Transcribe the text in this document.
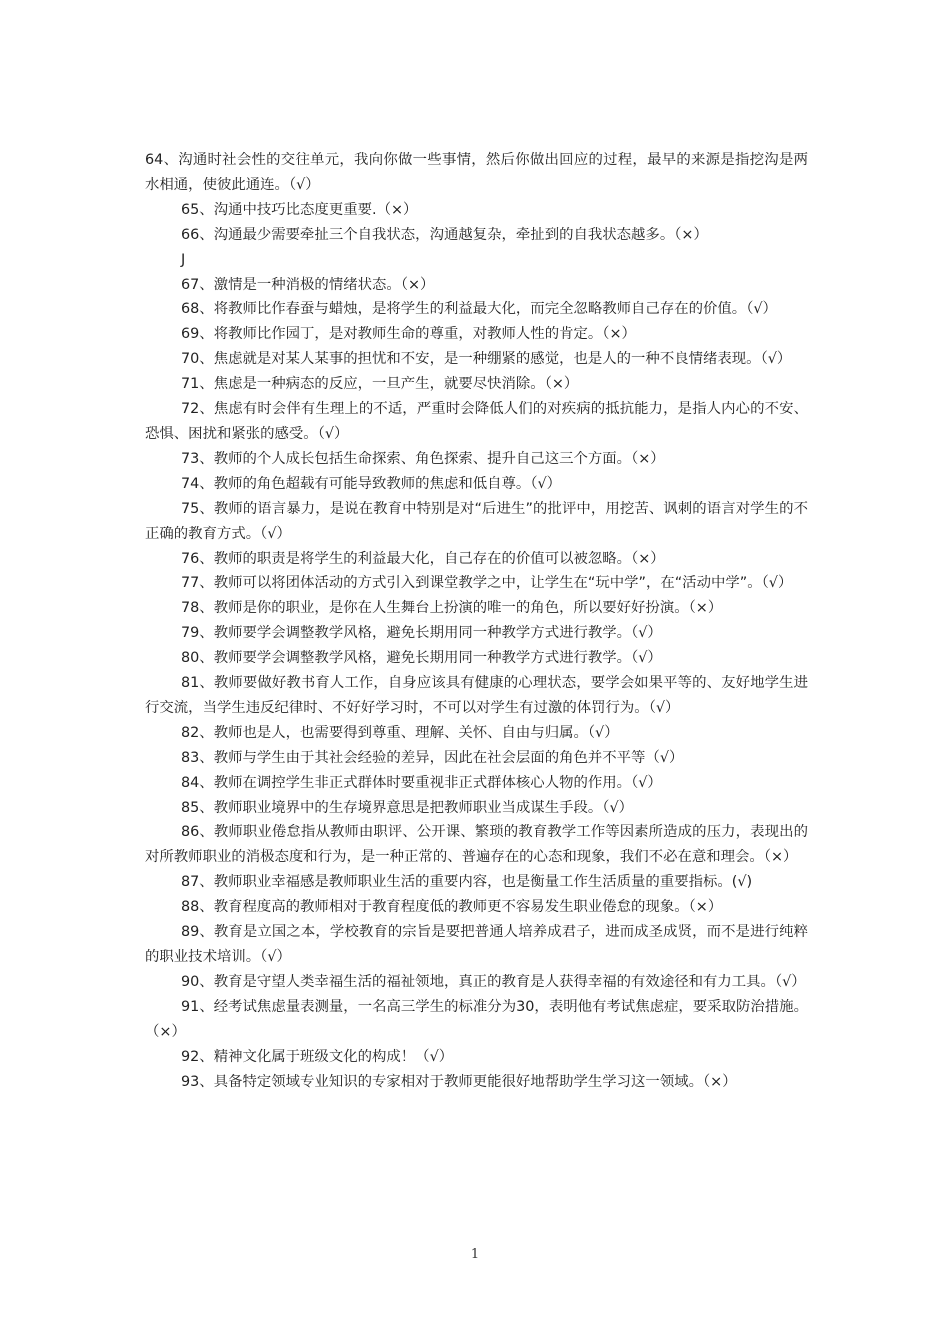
64、沟通时社会性的交往单元，我向你做一些事情，然后你做出回应的过程，最早的来源是指挖沟是两水相通，使彼此通连。（√）

65、沟通中技巧比态度更重要.（×）

66、沟通最少需要牵扯三个自我状态，沟通越复杂，牵扯到的自我状态越多。（×）

J

67、激情是一种消极的情绪状态。（×）

68、将教师比作春蚕与蜡烛，是将学生的利益最大化，而完全忽略教师自己存在的价值。（√）

69、将教师比作园丁，是对教师生命的尊重，对教师人性的肯定。（×）

70、焦虑就是对某人某事的担忧和不安，是一种绷紧的感觉，也是人的一种不良情绪表现。（√）

71、焦虑是一种病态的反应，一旦产生，就要尽快消除。（×）

72、焦虑有时会伴有生理上的不适，严重时会降低人们的对疾病的抵抗能力，是指人内心的不安、恐惧、困扰和紧张的感受。（√）

73、教师的个人成长包括生命探索、角色探索、提升自己这三个方面。（×）

74、教师的角色超载有可能导致教师的焦虑和低自尊。（√）

75、教师的语言暴力，是说在教育中特别是对“后进生”的批评中，用挖苦、讽刺的语言对学生的不正确的教育方式。（√）

76、教师的职责是将学生的利益最大化，自己存在的价值可以被忽略。（×）

77、教师可以将团体活动的方式引入到课堂教学之中，让学生在“玩中学”，在“活动中学”。（√）

78、教师是你的职业，是你在人生舞台上扮演的唯一的角色，所以要好好扮演。（×）

79、教师要学会调整教学风格，避免长期用同一种教学方式进行教学。（√）

80、教师要学会调整教学风格，避免长期用同一种教学方式进行教学。（√）

81、教师要做好教书育人工作，自身应该具有健康的心理状态，要学会如果平等的、友好地学生进行交流，当学生违反纪律时、不好好学习时，不可以对学生有过激的体罚行为。（√）

82、教师也是人，也需要得到尊重、理解、关怀、自由与归属。（√）

83、教师与学生由于其社会经验的差异，因此在社会层面的角色并不平等（√）

84、教师在调控学生非正式群体时要重视非正式群体核心人物的作用。（√）

85、教师职业境界中的生存境界意思是把教师职业当成谋生手段。（√）

86、教师职业倦怠指从教师由职评、公开课、繁琐的教育教学工作等因素所造成的压力，表现出的对所教师职业的消极态度和行为，是一种正常的、普遍存在的心态和现象，我们不必在意和理会。（×）

87、教师职业幸福感是教师职业生活的重要内容，也是衡量工作生活质量的重要指标。(√)

88、教育程度高的教师相对于教育程度低的教师更不容易发生职业倦怠的现象。（×）

89、教育是立国之本，学校教育的宗旨是要把普通人培养成君子，进而成圣成贤，而不是进行纯粹的职业技术培训。（√）

90、教育是守望人类幸福生活的福祉领地，真正的教育是人获得幸福的有效途径和有力工具。（√）

91、经考试焦虑量表测量，一名高三学生的标准分为30，表明他有考试焦虑症，要采取防治措施。（×）

92、精神文化属于班级文化的构成！（√）

93、具备特定领域专业知识的专家相对于教师更能很好地帮助学生学习这一领域。（×）

1
